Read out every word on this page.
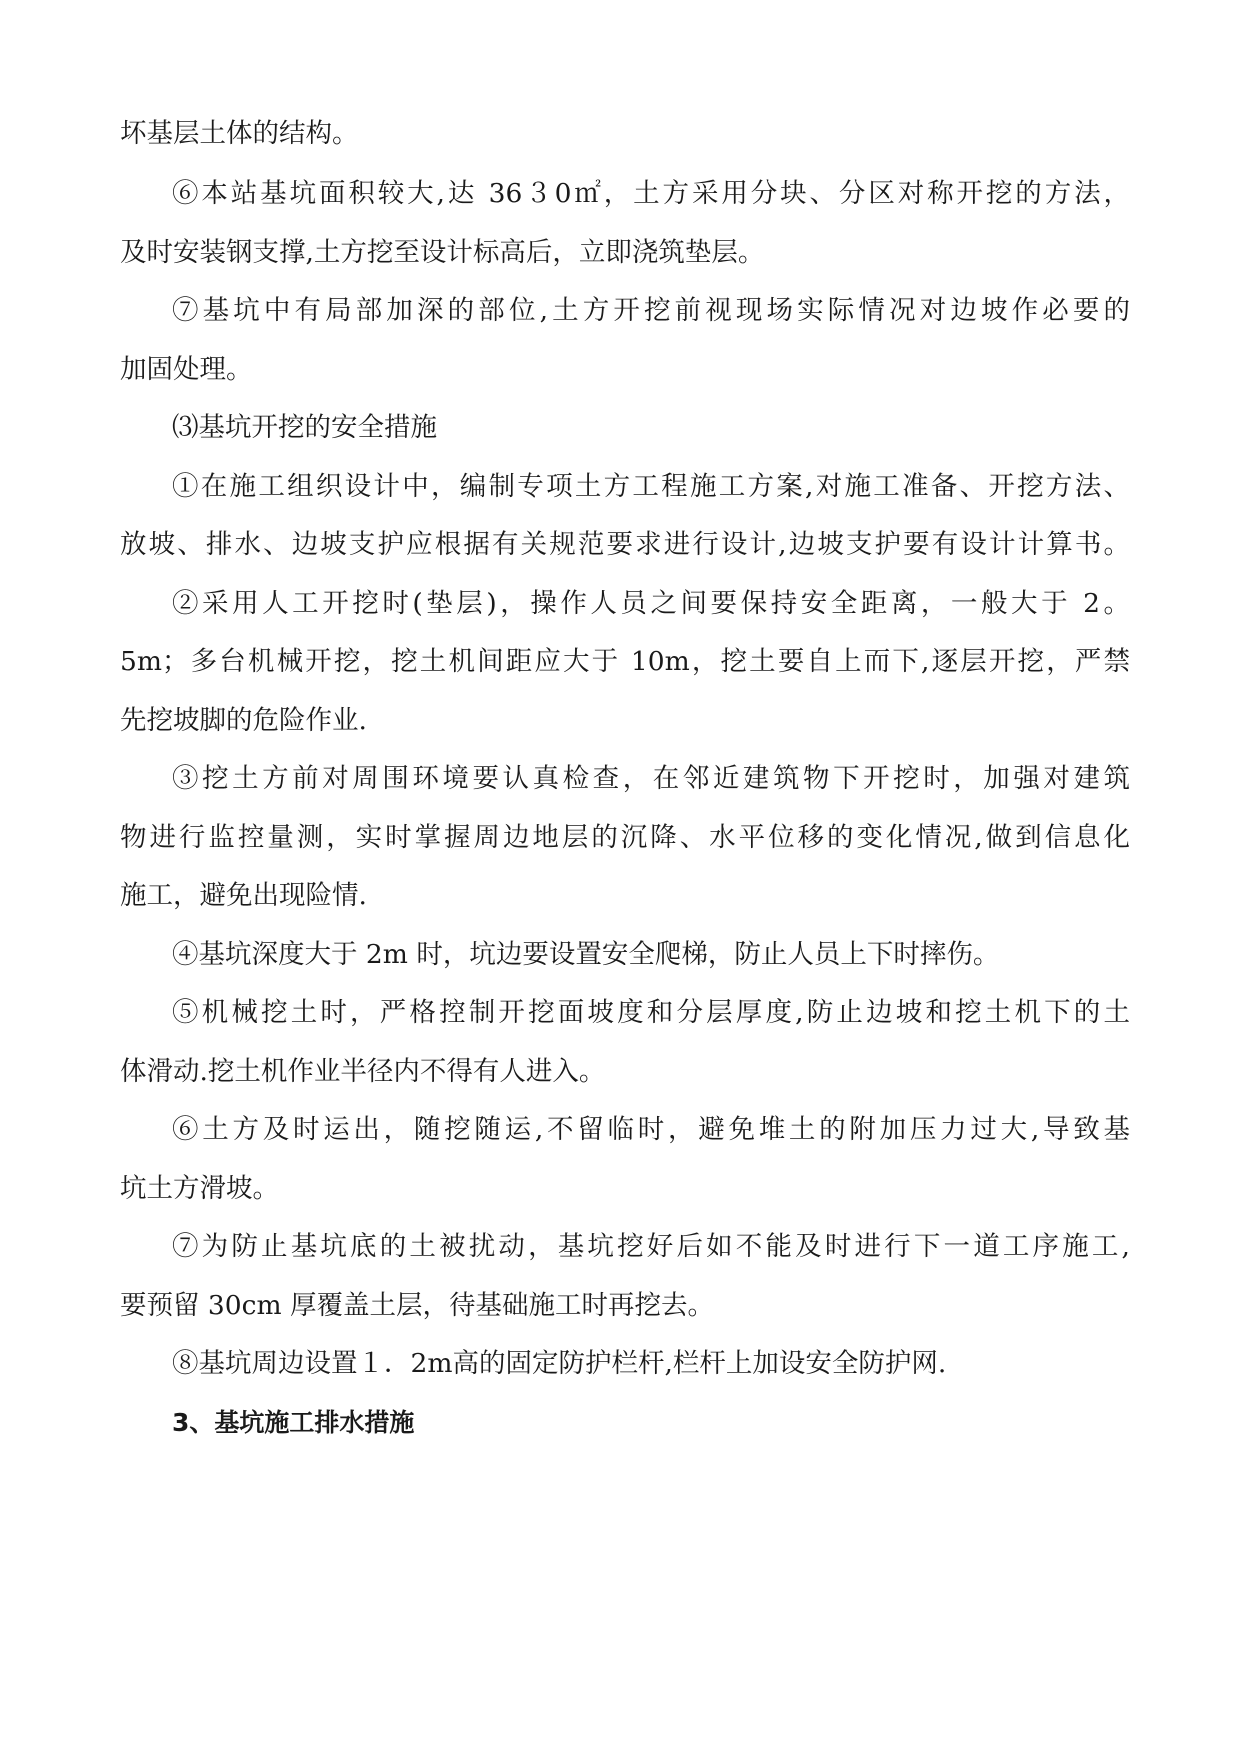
坏基层土体的结构。
⑥本站基坑面积较大,达 36３0㎡，土方采用分块、分区对称开挖的方法，
及时安装钢支撑,土方挖至设计标高后，立即浇筑垫层。
⑦基坑中有局部加深的部位,土方开挖前视现场实际情况对边坡作必要的
加固处理。
⑶基坑开挖的安全措施
①在施工组织设计中，编制专项土方工程施工方案,对施工准备、开挖方法、
放坡、排水、边坡支护应根据有关规范要求进行设计,边坡支护要有设计计算书。
②采用人工开挖时(垫层)，操作人员之间要保持安全距离，一般大于 2。
5m；多台机械开挖，挖土机间距应大于 10m，挖土要自上而下,逐层开挖，严禁
先挖坡脚的危险作业.
③挖土方前对周围环境要认真检查，在邻近建筑物下开挖时，加强对建筑
物进行监控量测，实时掌握周边地层的沉降、水平位移的变化情况,做到信息化
施工，避免出现险情.
④基坑深度大于 2m 时，坑边要设置安全爬梯，防止人员上下时摔伤。
⑤机械挖土时，严格控制开挖面坡度和分层厚度,防止边坡和挖土机下的土
体滑动.挖土机作业半径内不得有人进入。
⑥土方及时运出，随挖随运,不留临时，避免堆土的附加压力过大,导致基
坑土方滑坡。
⑦为防止基坑底的土被扰动，基坑挖好后如不能及时进行下一道工序施工,
要预留 30cm 厚覆盖土层，待基础施工时再挖去。
⑧基坑周边设置１．2m高的固定防护栏杆,栏杆上加设安全防护网.
3、基坑施工排水措施
